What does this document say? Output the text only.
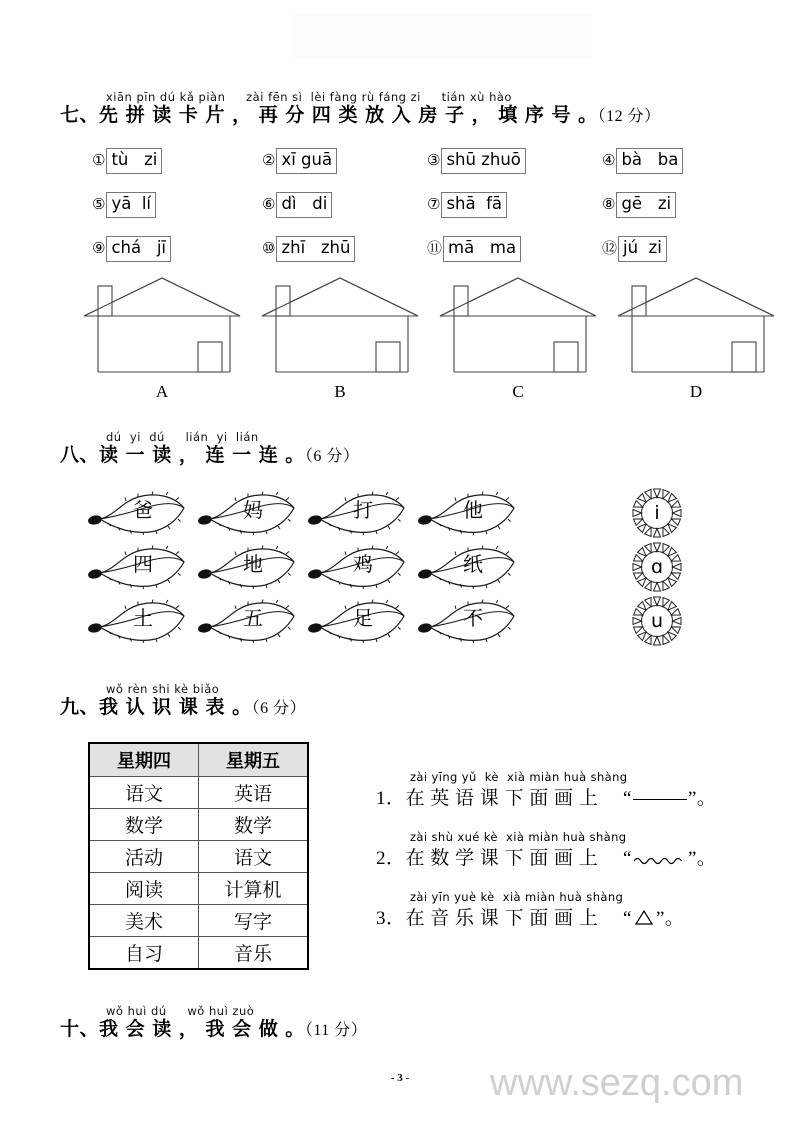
xiān pīn dú kǎ piàn     zài fēn sì  lèi fàng rù fáng zi     tián xù hào
七、先 拼 读 卡 片 ， 再 分 四 类 放 入 房 子 ， 填 序 号 。（12 分）
① tù   zi	② xī guā	③ shū zhuō	④ bà   ba
⑤ yā  lí	⑥ dì   di	⑦ shā  fā	⑧ gē   zi
⑨ chá   jī	⑩ zhī   zhū	⑪ mā   ma	⑫ jú  zi
A	B	C	D
dú  yi  dú     lián  yi  lián
八、读 一 读 ， 连 一 连 。（6 分）
爸	妈	打	他
四	地	鸡	纸
土	五	足	不
i
ɑ
u
wǒ rèn shi kè biǎo
九、我 认 识 课 表 。（6 分）
星期四	星期五
语文	英语
数学	数学
活动	语文
阅读	计算机
美术	写字
自习	音乐
zài yīng yǔ  kè  xià miàn huà shàng
1．在 英 语 课 下 面 画 上 　“	”。
zài shù xué kè  xià miàn huà shàng
2．在 数 学 课 下 面 画 上 　“	”。
zài yīn yuè kè  xià miàn huà shàng
3．在 音 乐 课 下 面 画 上 　“ ”。
wǒ huì dú     wǒ huì zuò
十、我 会 读 ， 我 会 做 。（11 分）
- 3 -	www.sezq.com
